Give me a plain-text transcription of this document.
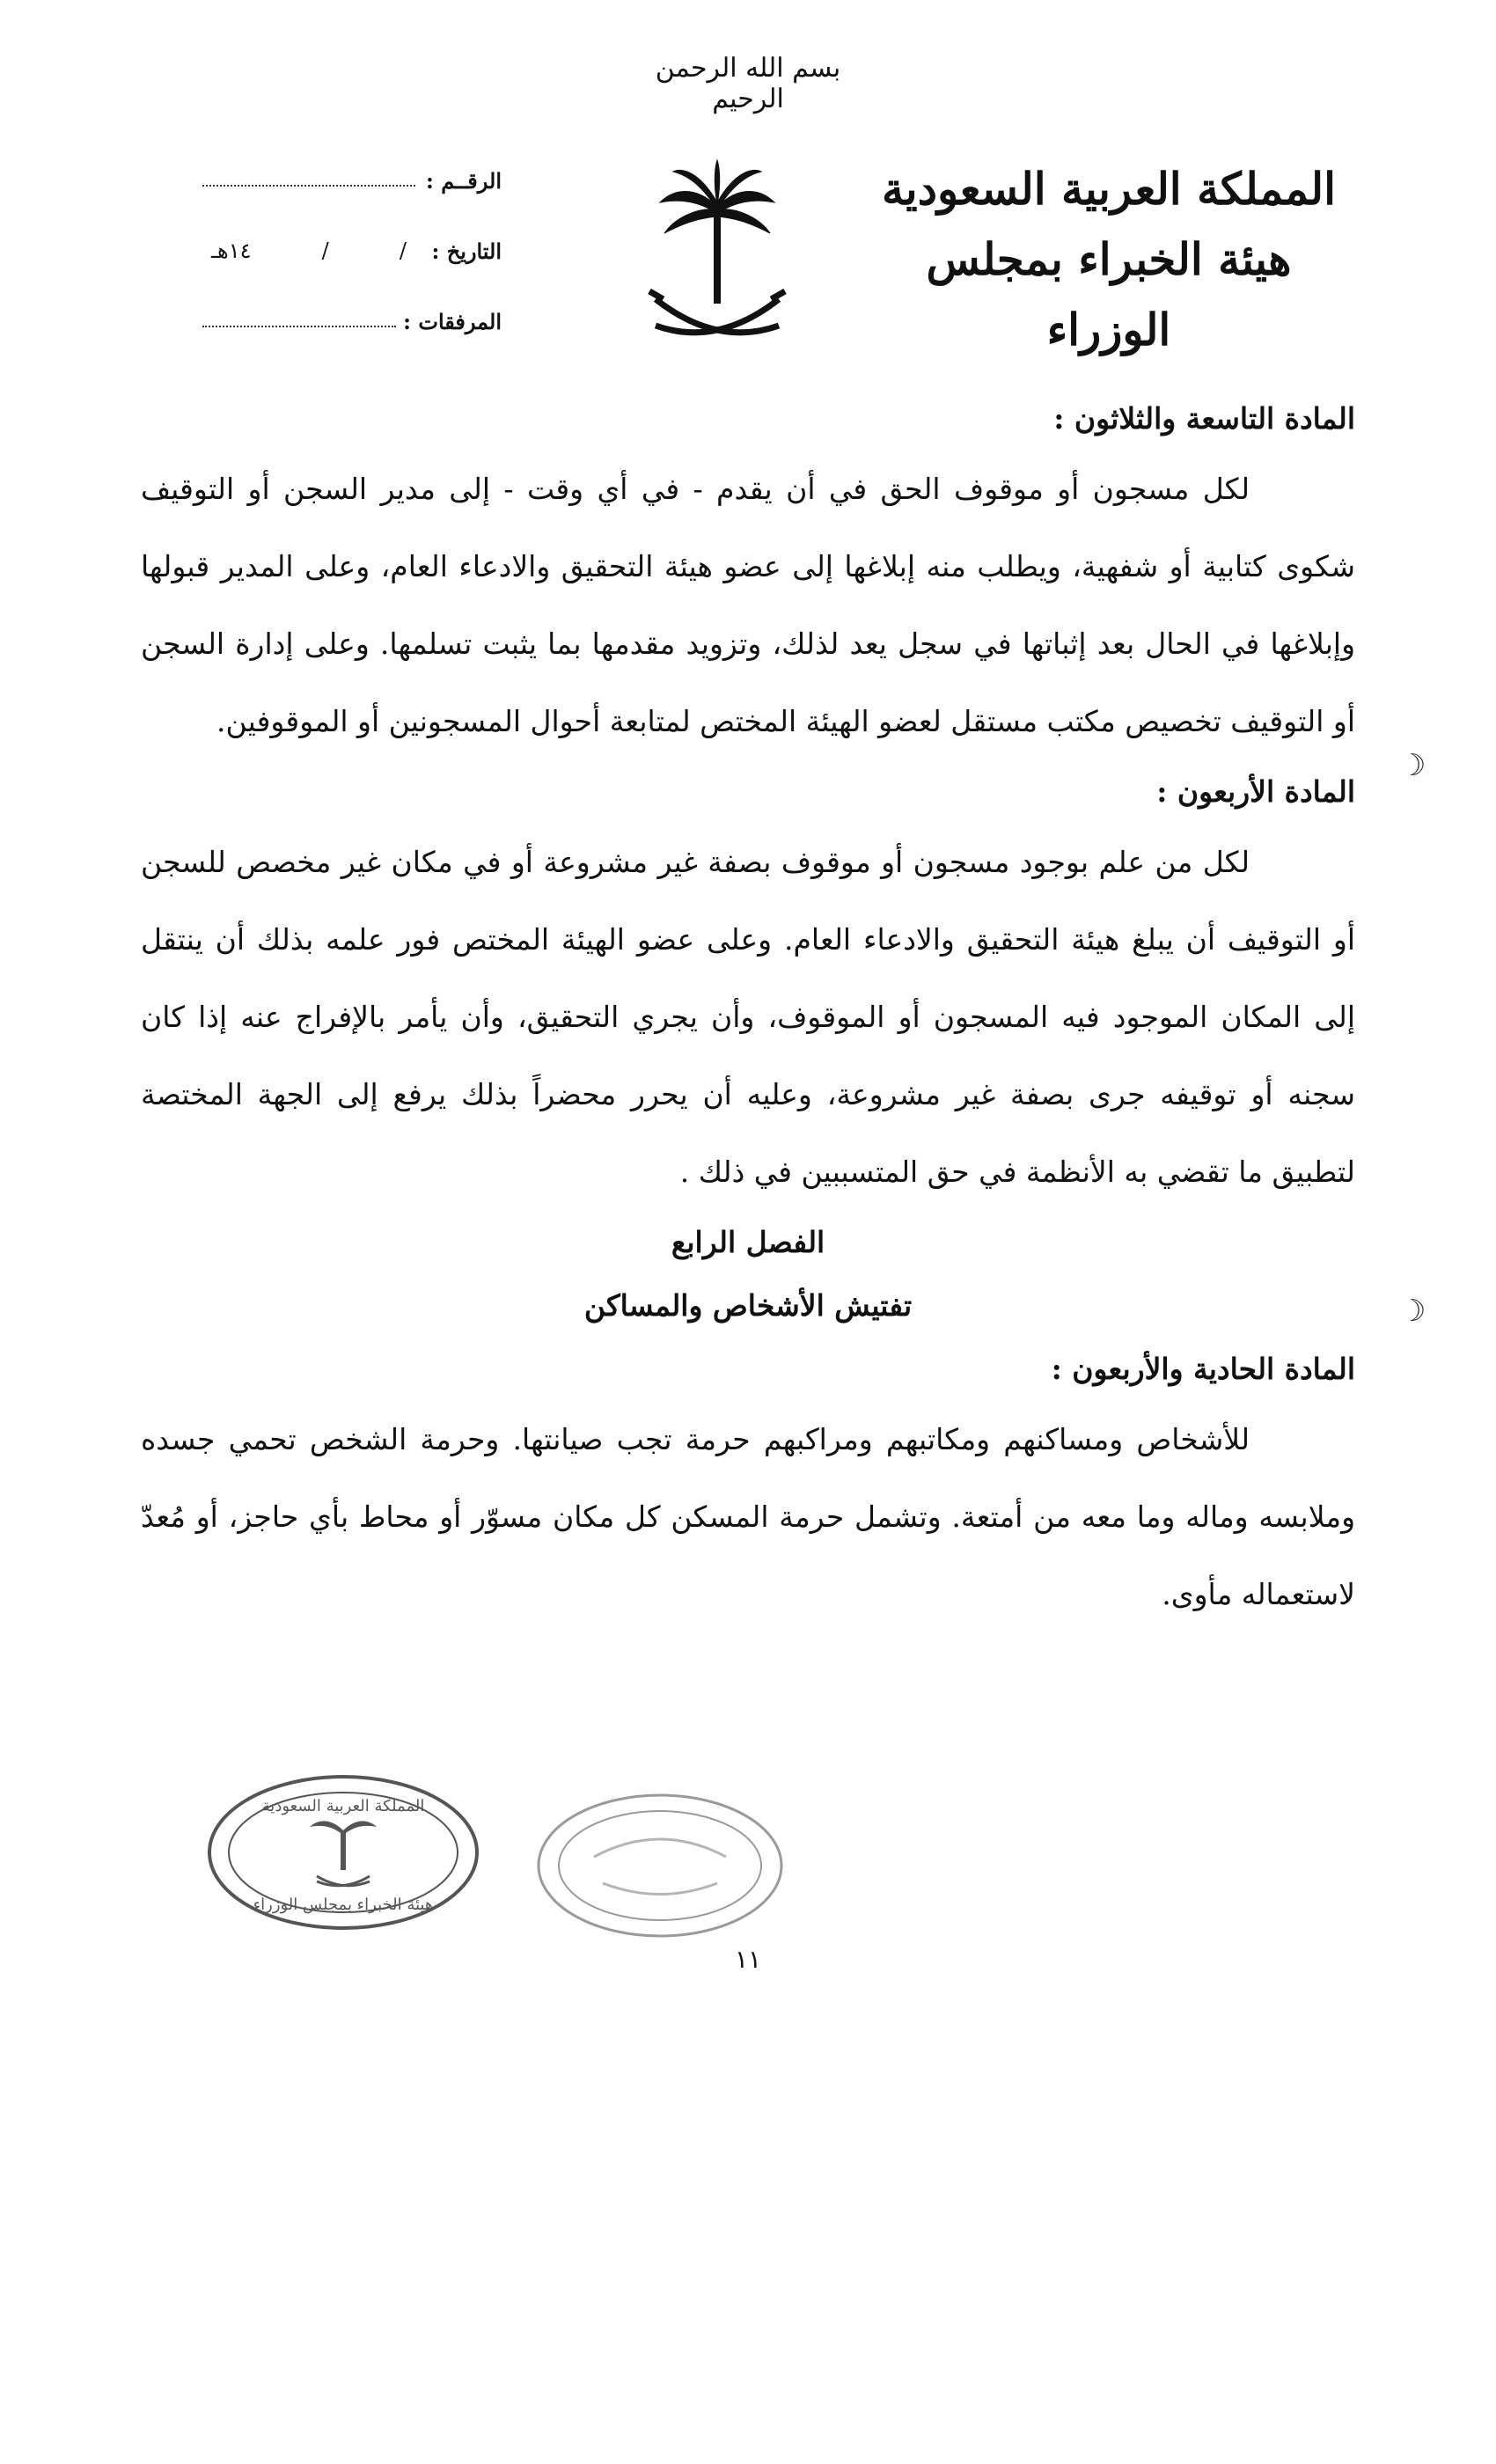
بسم الله الرحمن الرحيم
المملكة العربية السعودية
هيئة الخبراء بمجلس الوزراء
الرقــم :
التاريخ :
/
/
١٤هـ
المرفقات :
المادة التاسعة والثلاثون :

لكل مسجون أو موقوف الحق في أن يقدم - في أي وقت - إلى مدير السجن أو التوقيف شكوى كتابية أو شفهية، ويطلب منه إبلاغها إلى عضو هيئة التحقيق والادعاء العام، وعلى المدير قبولها وإبلاغها في الحال بعد إثباتها في سجل يعد لذلك، وتزويد مقدمها بما يثبت تسلمها. وعلى إدارة السجن أو التوقيف تخصيص مكتب مستقل لعضو الهيئة المختص لمتابعة أحوال المسجونين أو الموقوفين.

المادة الأربعون :

لكل من علم بوجود مسجون أو موقوف بصفة غير مشروعة أو في مكان غير مخصص للسجن أو التوقيف أن يبلغ هيئة التحقيق والادعاء العام. وعلى عضو الهيئة المختص فور علمه بذلك أن ينتقل إلى المكان الموجود فيه المسجون أو الموقوف، وأن يجري التحقيق، وأن يأمر بالإفراج عنه إذا كان سجنه أو توقيفه جرى بصفة غير مشروعة، وعليه أن يحرر محضراً بذلك يرفع إلى الجهة المختصة لتطبيق ما تقضي به الأنظمة في حق المتسببين في ذلك .

الفصل الرابع

تفتيش الأشخاص والمساكن

المادة الحادية والأربعون :

للأشخاص ومساكنهم ومكاتبهم ومراكبهم حرمة تجب صيانتها. وحرمة الشخص تحمي جسده وملابسه وماله وما معه من أمتعة. وتشمل حرمة المسكن كل مكان مسوّر أو محاط بأي حاجز، أو مُعدّ لاستعماله مأوى.

☽
☽
المملكة العربية السعودية
هيئة الخبراء بمجلس الوزراء
١١
